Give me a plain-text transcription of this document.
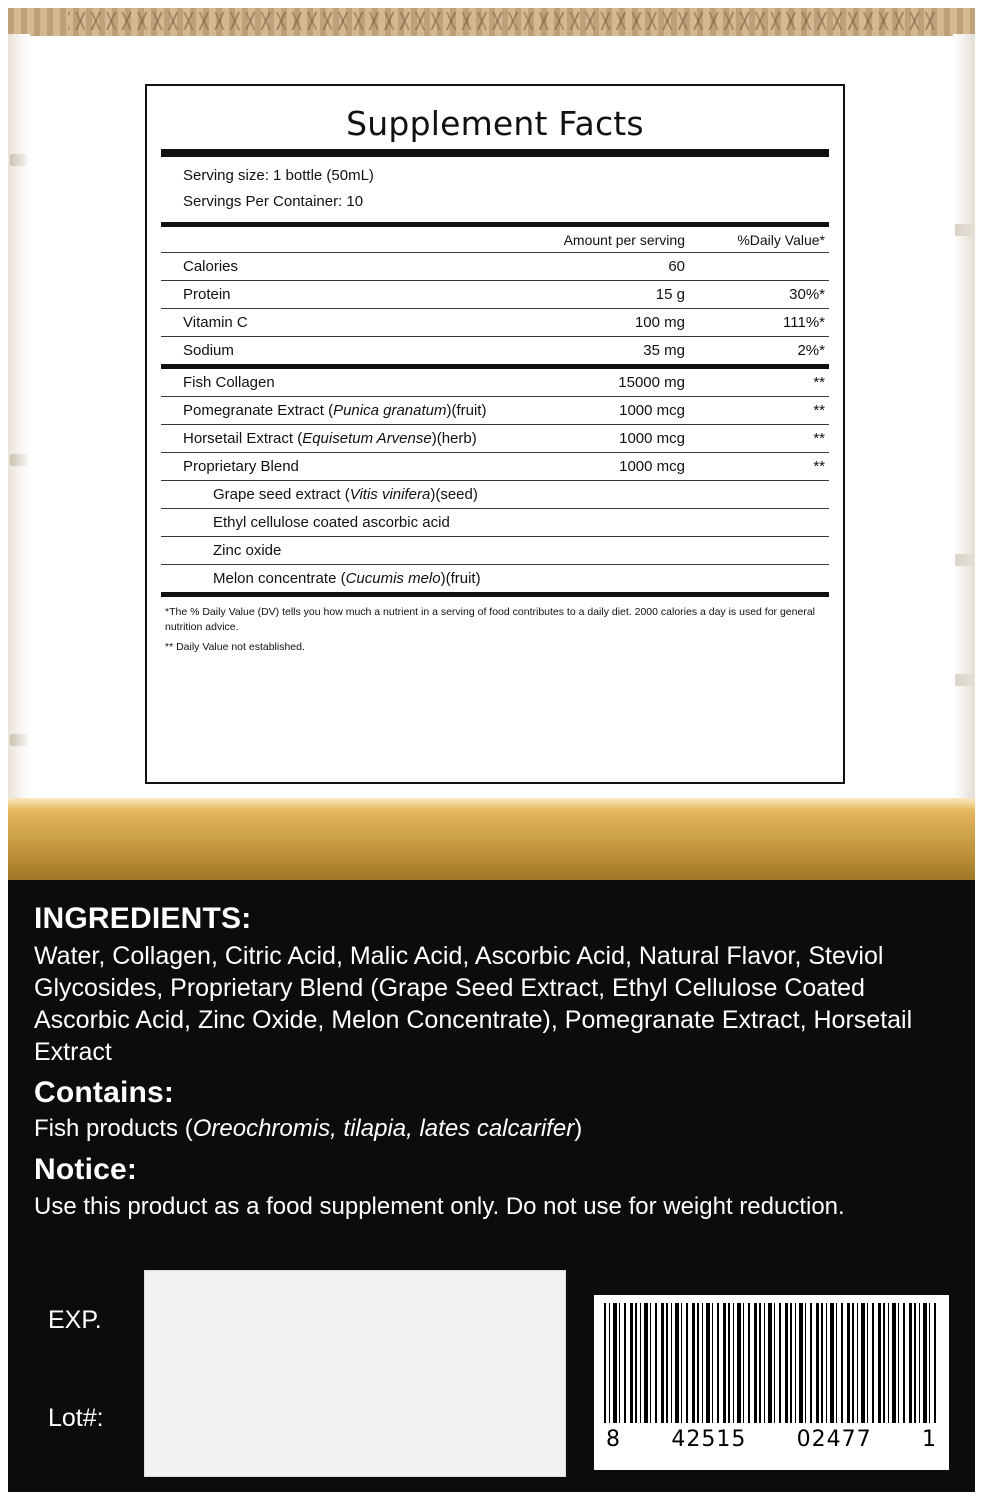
Supplement Facts
Serving size: 1 bottle (50mL)
Servings Per Container: 10
	Amount per serving	%Daily Value*
Calories	60	
Protein	15 g	30%*
Vitamin C	100 mg	111%*
Sodium	35 mg	2%*
Fish Collagen	15000 mg	**
Pomegranate Extract (Punica granatum)(fruit)	1000 mcg	**
Horsetail Extract (Equisetum Arvense)(herb)	1000 mcg	**
Proprietary Blend	1000 mcg	**
Grape seed extract (Vitis vinifera)(seed)		
Ethyl cellulose coated ascorbic acid		
Zinc oxide		
Melon concentrate (Cucumis melo)(fruit)		
*The % Daily Value (DV) tells you how much a nutrient in a serving of food contributes to a daily diet. 2000 calories a day is used for general nutrition advice.
** Daily Value not established.
INGREDIENTS:
Water, Collagen, Citric Acid, Malic Acid, Ascorbic Acid, Natural Flavor, Steviol Glycosides, Proprietary Blend (Grape Seed Extract, Ethyl Cellulose Coated Ascorbic Acid, Zinc Oxide, Melon Concentrate), Pomegranate Extract, Horsetail Extract
Contains:
Fish products (Oreochromis, tilapia, lates calcarifer)
Notice:
Use this product as a food supplement only. Do not use for weight reduction.
EXP.
Lot#:
8 42515 02477 1
